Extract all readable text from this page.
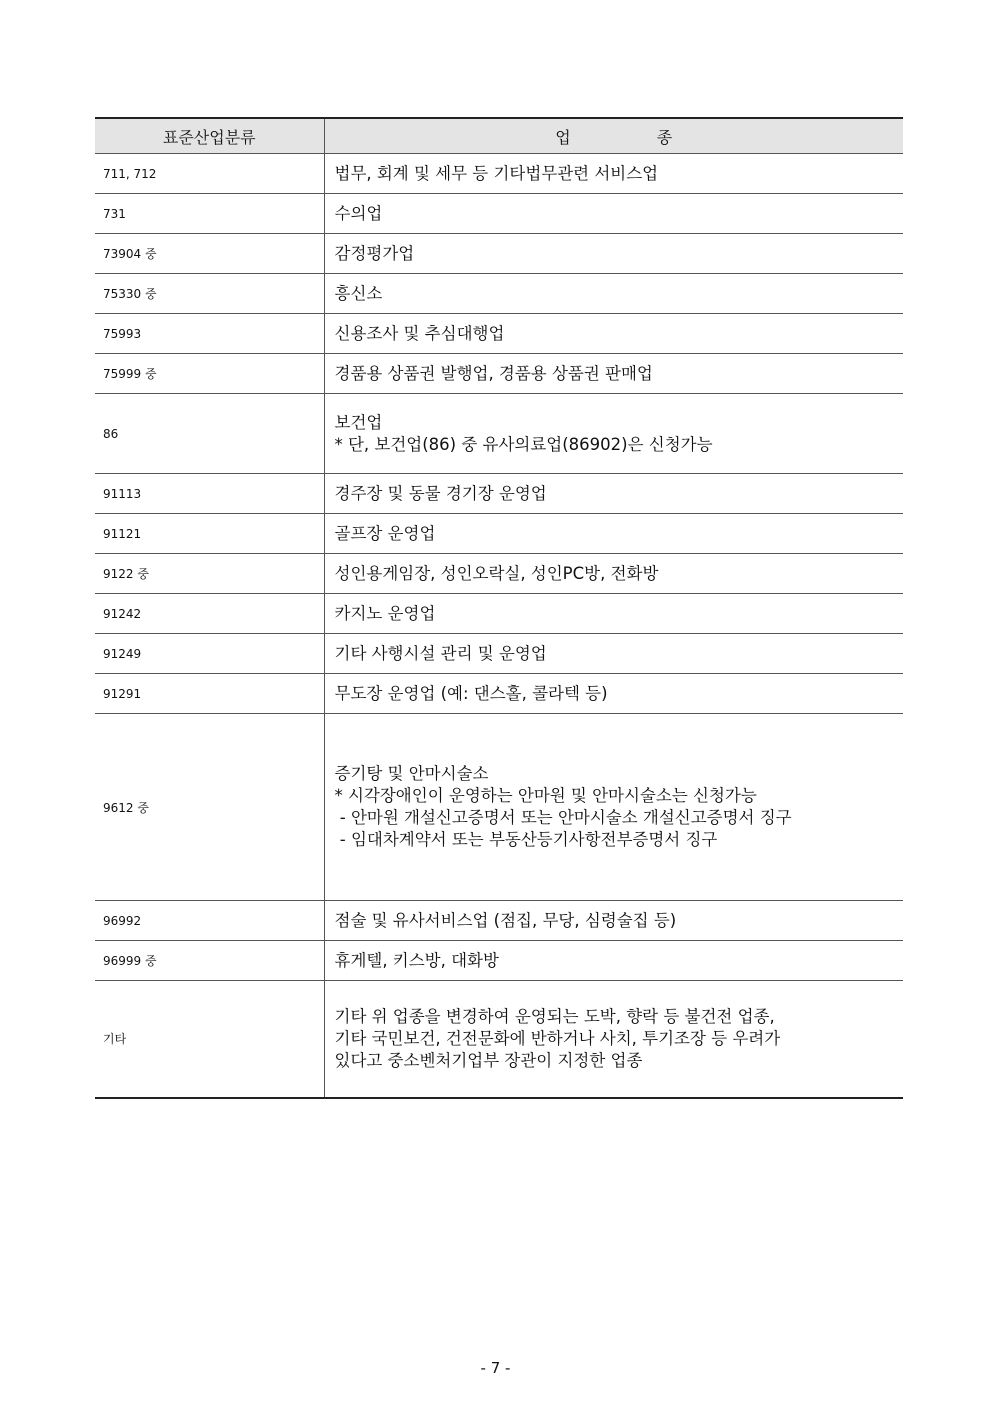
표준산업분류	업 종
711, 712	법무, 회계 및 세무 등 기타법무관련 서비스업

731	수의업

73904 중	감정평가업

75330 중	흥신소

75993	신용조사 및 추심대행업

75999 중	경품용 상품권 발행업, 경품용 상품권 판매업

86	보건업
* 단, 보건업(86) 중 유사의료업(86902)은 신청가능

91113	경주장 및 동물 경기장 운영업

91121	골프장 운영업

9122 중	성인용게임장, 성인오락실, 성인PC방, 전화방

91242	카지노 운영업

91249	기타 사행시설 관리 및 운영업

91291	무도장 운영업 (예: 댄스홀, 콜라텍 등)

9612 중	증기탕 및 안마시술소
* 시각장애인이 운영하는 안마원 및 안마시술소는 신청가능
- 안마원 개설신고증명서 또는 안마시술소 개설신고증명서 징구
- 임대차계약서 또는 부동산등기사항전부증명서 징구

96992	점술 및 유사서비스업 (점집, 무당, 심령술집 등)

96999 중	휴게텔, 키스방, 대화방

기타	기타 위 업종을 변경하여 운영되는 도박, 향락 등 불건전 업종,
기타 국민보건, 건전문화에 반하거나 사치, 투기조장 등 우려가
있다고 중소벤처기업부 장관이 지정한 업종
- 7 -
